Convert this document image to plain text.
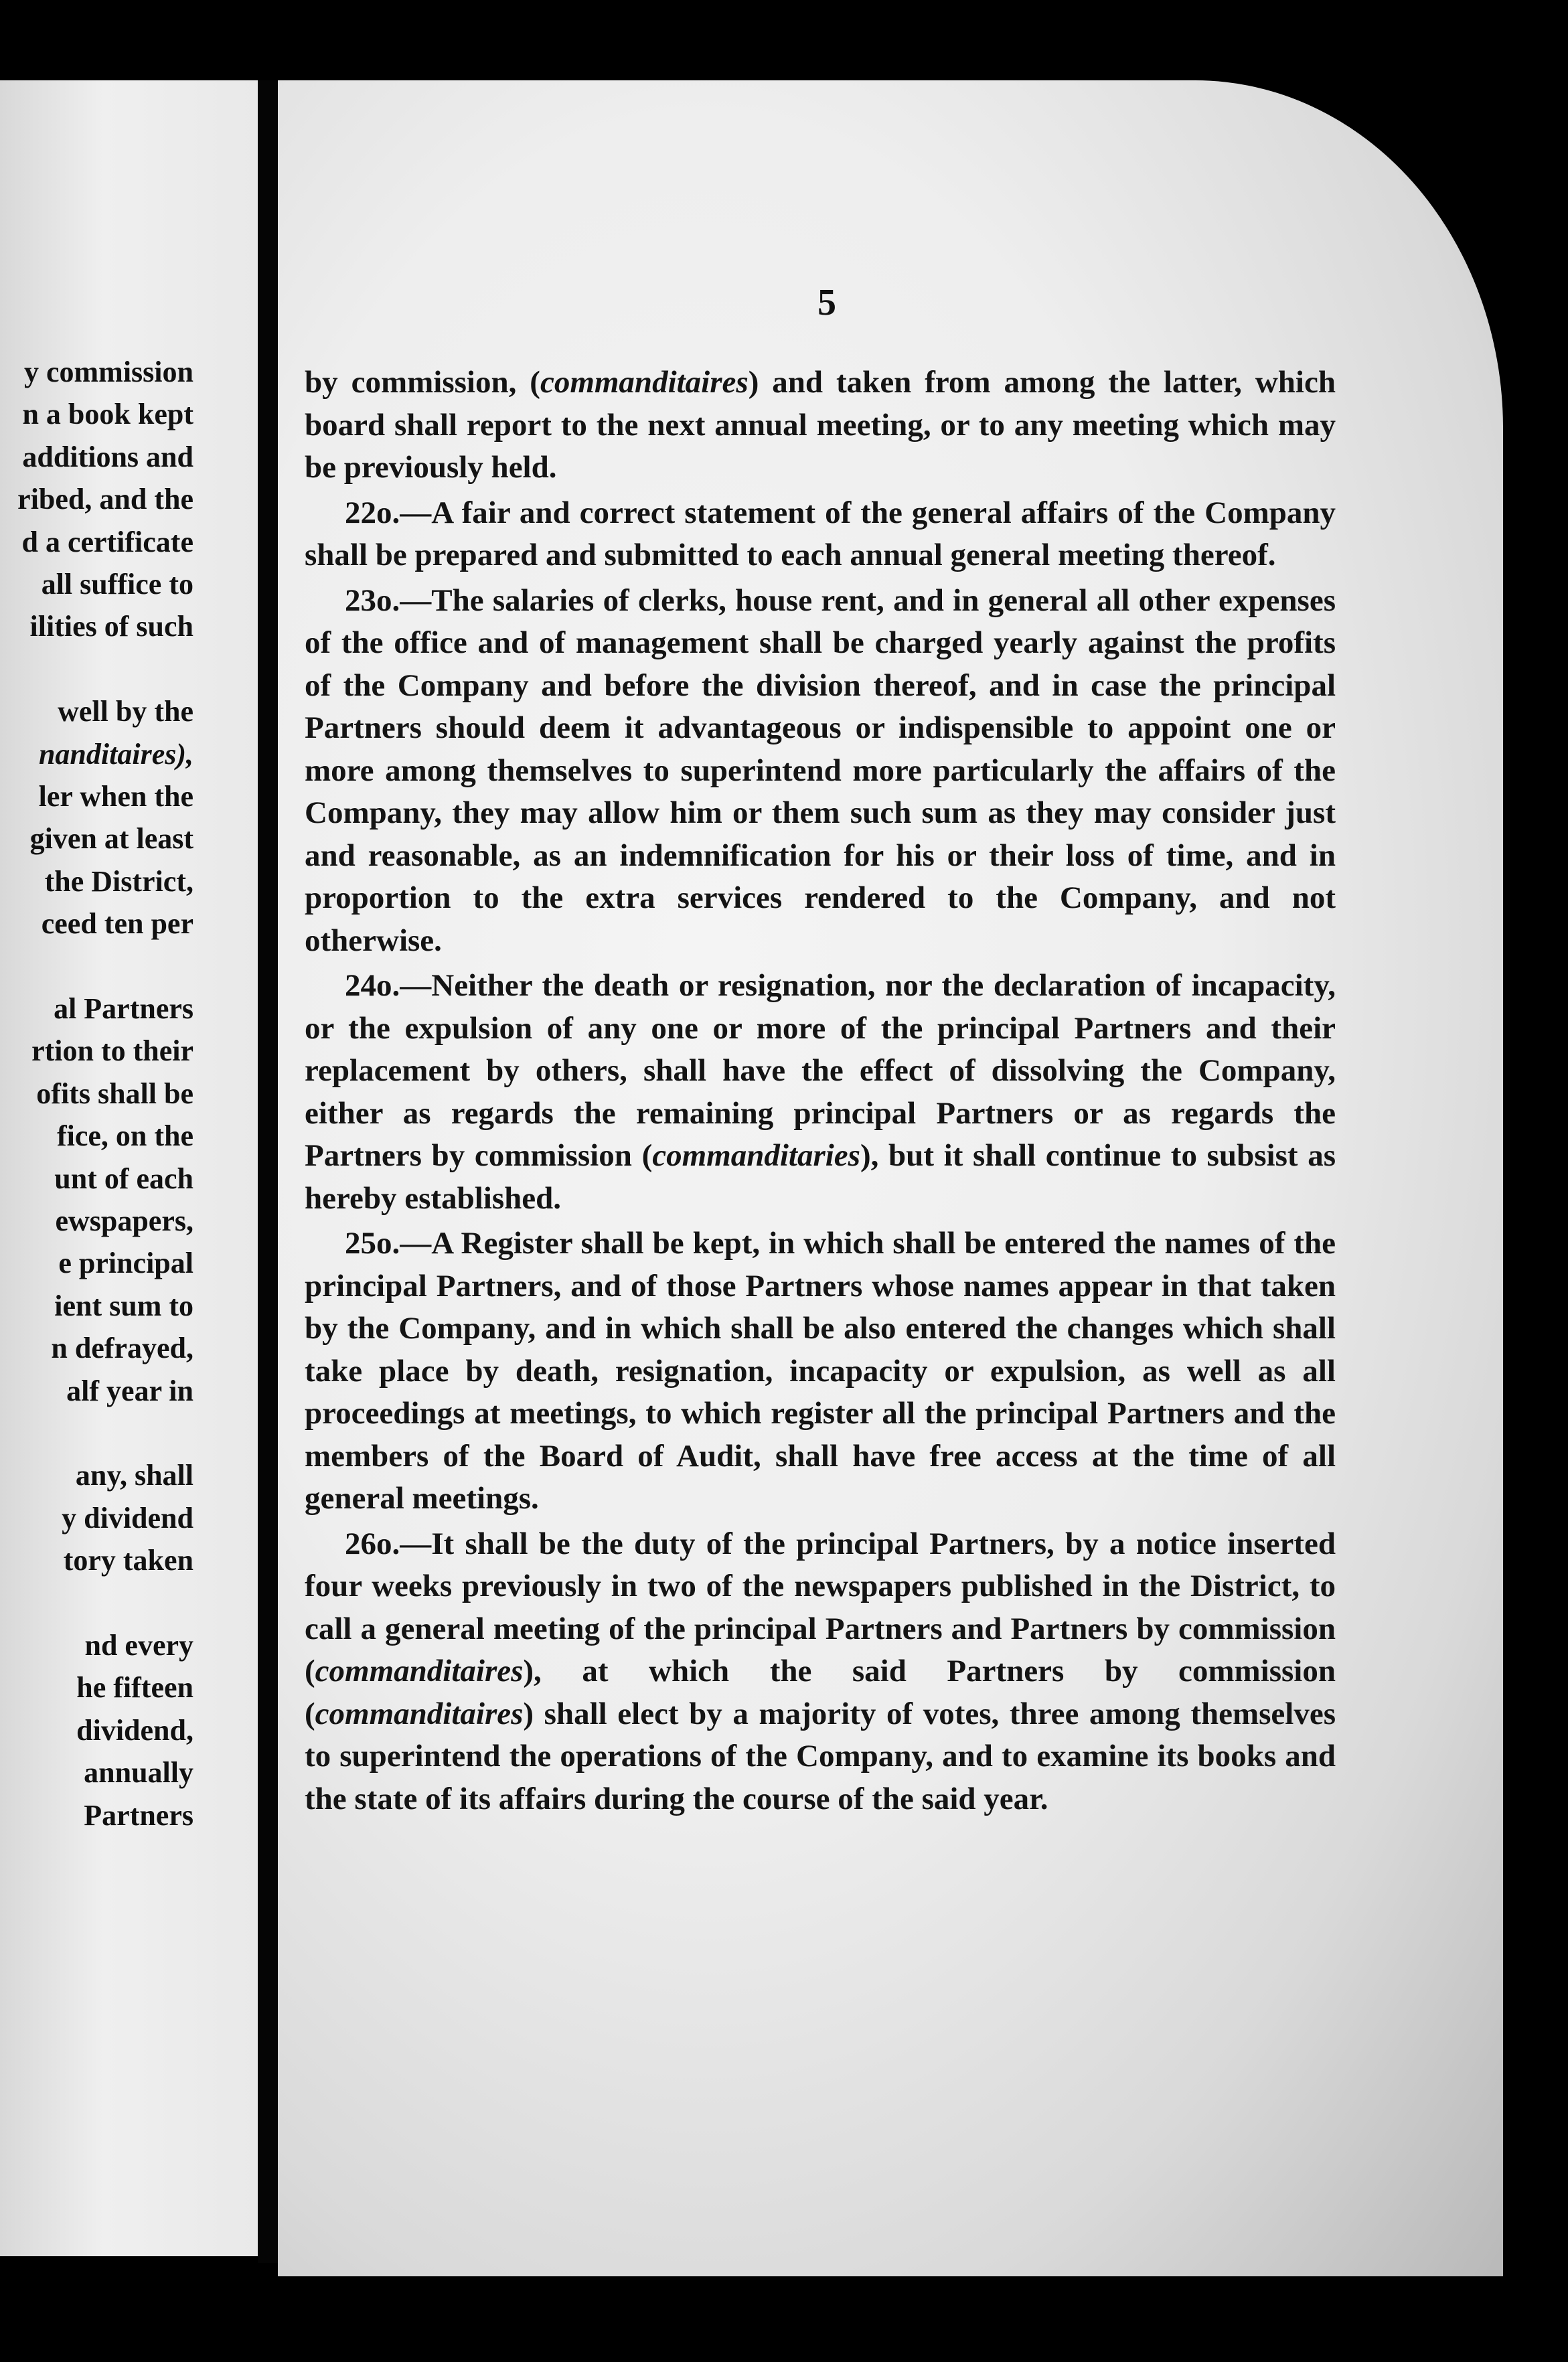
y commission
n a book kept
additions and
ribed, and the
d a certificate
all suffice to
ilities of such
well by the
nanditaires),
ler when the
given at least
the District,
ceed ten per
al Partners
rtion to their
ofits shall be
fice, on the
unt of each
ewspapers,
e principal
ient sum to
n defrayed,
alf year in
any, shall
y dividend
tory taken
nd every
he fifteen
dividend,
annually
Partners
5

by commission, (commanditaires) and taken from among the latter, which board shall report to the next annual meeting, or to any meeting which may be previously held.

22o.—A fair and correct statement of the general affairs of the Company shall be prepared and submitted to each annual general meeting thereof.

23o.—The salaries of clerks, house rent, and in general all other expenses of the office and of management shall be charged yearly against the profits of the Company and before the division thereof, and in case the principal Partners should deem it advantageous or indispensible to appoint one or more among themselves to superintend more particularly the affairs of the Company, they may allow him or them such sum as they may consider just and reasonable, as an indemnification for his or their loss of time, and in proportion to the extra services rendered to the Company, and not otherwise.

24o.—Neither the death or resignation, nor the declaration of incapacity, or the expulsion of any one or more of the principal Partners and their replacement by others, shall have the effect of dissolving the Company, either as regards the remaining principal Partners or as regards the Partners by commission (commanditaries), but it shall continue to subsist as hereby established.

25o.—A Register shall be kept, in which shall be entered the names of the principal Partners, and of those Partners whose names appear in that taken by the Company, and in which shall be also entered the changes which shall take place by death, resignation, incapacity or expulsion, as well as all proceedings at meetings, to which register all the principal Partners and the members of the Board of Audit, shall have free access at the time of all general meetings.

26o.—It shall be the duty of the principal Partners, by a notice inserted four weeks previously in two of the newspapers published in the District, to call a general meeting of the principal Partners and Partners by commission (commanditaires), at which the said Partners by commission (commanditaires) shall elect by a majority of votes, three among themselves to superintend the operations of the Company, and to examine its books and the state of its affairs during the course of the said year.
